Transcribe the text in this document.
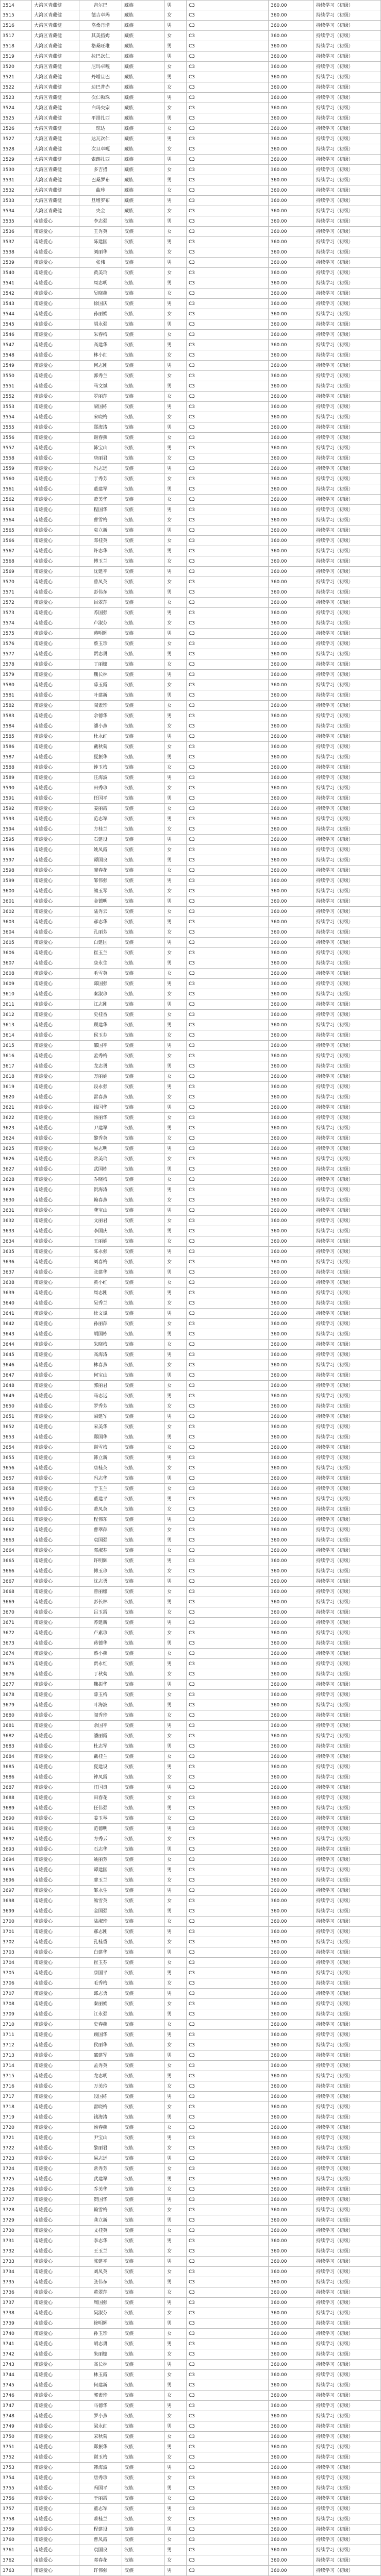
3514	大湾区青藏健	吉尔巴	藏族	男	C3	360.00	持续学习（初级）
3515	大湾区青藏健	德吉卓玛	藏族	女	C3	360.00	持续学习（初级）
3516	大湾区青藏健	洛桑丹增	藏族	男	C3	360.00	持续学习（初级）
3517	大湾区青藏健	其美措姆	藏族	女	C3	360.00	持续学习（初级）
3518	大湾区青藏健	格桑旺堆	藏族	男	C3	360.00	持续学习（初级）
3519	大湾区青藏健	拉巴次仁	藏族	男	C3	360.00	持续学习（初级）
3520	大湾区青藏健	尼玛卓嘎	藏族	女	C3	360.00	持续学习（初级）
3521	大湾区青藏健	丹增旦巴	藏族	男	C3	360.00	持续学习（初级）
3522	大湾区青藏健	边巴普赤	藏族	女	C3	360.00	持续学习（初级）
3523	大湾区青藏健	次仁顿珠	藏族	男	C3	360.00	持续学习（初级）
3524	大湾区青藏健	白玛央宗	藏族	女	C3	360.00	持续学习（初级）
3525	大湾区青藏健	平措扎西	藏族	男	C3	360.00	持续学习（初级）
3526	大湾区青藏健	琼达	藏族	女	C3	360.00	持续学习（初级）
3527	大湾区青藏健	达瓦次仁	藏族	男	C3	360.00	持续学习（初级）
3528	大湾区青藏健	次旦卓嘎	藏族	女	C3	360.00	持续学习（初级）
3529	大湾区青藏健	索朗扎西	藏族	男	C3	360.00	持续学习（初级）
3530	大湾区青藏健	多吉措	藏族	女	C3	360.00	持续学习（初级）
3531	大湾区青藏健	巴桑罗布	藏族	男	C3	360.00	持续学习（初级）
3532	大湾区青藏健	曲珍	藏族	女	C3	360.00	持续学习（初级）
3533	大湾区青藏健	旦增罗布	藏族	男	C3	360.00	持续学习（初级）
3534	大湾区青藏健	央金	藏族	女	C3	360.00	持续学习（初级）
3535	南雄爱心	李志强	汉族	男	C3	360.00	持续学习（初级）
3536	南雄爱心	王秀英	汉族	女	C3	360.00	持续学习（初级）
3537	南雄爱心	陈建国	汉族	男	C3	360.00	持续学习（初级）
3538	南雄爱心	刘丽华	汉族	女	C3	360.00	持续学习（初级）
3539	南雄爱心	张伟	汉族	男	C3	360.00	持续学习（初级）
3540	南雄爱心	黄美玲	汉族	女	C3	360.00	持续学习（初级）
3541	南雄爱心	周志明	汉族	男	C3	360.00	持续学习（初级）
3542	南雄爱心	吴晓燕	汉族	女	C3	360.00	持续学习（初级）
3543	南雄爱心	徐国庆	汉族	男	C3	360.00	持续学习（初级）
3544	南雄爱心	孙丽娟	汉族	女	C3	360.00	持续学习（初级）
3545	南雄爱心	胡永强	汉族	男	C3	360.00	持续学习（初级）
3546	南雄爱心	朱春梅	汉族	女	C3	360.00	持续学习（初级）
3547	南雄爱心	高建华	汉族	男	C3	360.00	持续学习（初级）
3548	南雄爱心	林小红	汉族	女	C3	360.00	持续学习（初级）
3549	南雄爱心	何志刚	汉族	男	C3	360.00	持续学习（初级）
3550	南雄爱心	郭秀兰	汉族	女	C3	360.00	持续学习（初级）
3551	南雄爱心	马文斌	汉族	男	C3	360.00	持续学习（初级）
3552	南雄爱心	罗丽萍	汉族	女	C3	360.00	持续学习（初级）
3553	南雄爱心	梁国栋	汉族	男	C3	360.00	持续学习（初级）
3554	南雄爱心	宋晓梅	汉族	女	C3	360.00	持续学习（初级）
3555	南雄爱心	郑海涛	汉族	男	C3	360.00	持续学习（初级）
3556	南雄爱心	谢春燕	汉族	女	C3	360.00	持续学习（初级）
3557	南雄爱心	韩宝山	汉族	男	C3	360.00	持续学习（初级）
3558	南雄爱心	唐丽君	汉族	女	C3	360.00	持续学习（初级）
3559	南雄爱心	冯志远	汉族	男	C3	360.00	持续学习（初级）
3560	南雄爱心	于秀芳	汉族	女	C3	360.00	持续学习（初级）
3561	南雄爱心	董建军	汉族	男	C3	360.00	持续学习（初级）
3562	南雄爱心	萧美华	汉族	女	C3	360.00	持续学习（初级）
3563	南雄爱心	程国华	汉族	男	C3	360.00	持续学习（初级）
3564	南雄爱心	曹雪梅	汉族	女	C3	360.00	持续学习（初级）
3565	南雄爱心	袁立新	汉族	男	C3	360.00	持续学习（初级）
3566	南雄爱心	邓桂英	汉族	女	C3	360.00	持续学习（初级）
3567	南雄爱心	许志华	汉族	男	C3	360.00	持续学习（初级）
3568	南雄爱心	傅玉兰	汉族	女	C3	360.00	持续学习（初级）
3569	南雄爱心	沈建平	汉族	男	C3	360.00	持续学习（初级）
3570	南雄爱心	曾凤英	汉族	女	C3	360.00	持续学习（初级）
3571	南雄爱心	彭伟东	汉族	男	C3	360.00	持续学习（初级）
3572	南雄爱心	吕翠萍	汉族	女	C3	360.00	持续学习（初级）
3573	南雄爱心	苏国强	汉族	男	C3	360.00	持续学习（初级）
3574	南雄爱心	卢淑芬	汉族	女	C3	360.00	持续学习（初级）
3575	南雄爱心	蒋明辉	汉族	男	C3	360.00	持续学习（初级）
3576	南雄爱心	蔡玉珍	汉族	女	C3	360.00	持续学习（初级）
3577	南雄爱心	贾志勇	汉族	男	C3	360.00	持续学习（初级）
3578	南雄爱心	丁丽娜	汉族	女	C3	360.00	持续学习（初级）
3579	南雄爱心	魏长林	汉族	男	C3	360.00	持续学习（初级）
3580	南雄爱心	薛玉霞	汉族	女	C3	360.00	持续学习（初级）
3581	南雄爱心	叶建新	汉族	男	C3	360.00	持续学习（初级）
3582	南雄爱心	阎素珍	汉族	女	C3	360.00	持续学习（初级）
3583	南雄爱心	余德华	汉族	男	C3	360.00	持续学习（初级）
3584	南雄爱心	潘小燕	汉族	女	C3	360.00	持续学习（初级）
3585	南雄爱心	杜永红	汉族	男	C3	360.00	持续学习（初级）
3586	南雄爱心	戴秋菊	汉族	女	C3	360.00	持续学习（初级）
3587	南雄爱心	夏振华	汉族	男	C3	360.00	持续学习（初级）
3588	南雄爱心	钟玉梅	汉族	女	C3	360.00	持续学习（初级）
3589	南雄爱心	汪海波	汉族	男	C3	360.00	持续学习（初级）
3590	南雄爱心	田秀珍	汉族	女	C3	360.00	持续学习（初级）
3591	南雄爱心	任国平	汉族	男	C3	360.00	持续学习（初级）
3592	南雄爱心	姜丽霞	汉族	女	C3	360.00	持续学习（初级）
3593	南雄爱心	范志军	汉族	男	C3	360.00	持续学习（初级）
3594	南雄爱心	方桂兰	汉族	女	C3	360.00	持续学习（初级）
3595	南雄爱心	石建设	汉族	男	C3	360.00	持续学习（初级）
3596	南雄爱心	姚凤霞	汉族	女	C3	360.00	持续学习（初级）
3597	南雄爱心	谭国良	汉族	男	C3	360.00	持续学习（初级）
3598	南雄爱心	廖春花	汉族	女	C3	360.00	持续学习（初级）
3599	南雄爱心	邹伟强	汉族	男	C3	360.00	持续学习（初级）
3600	南雄爱心	熊玉琴	汉族	女	C3	360.00	持续学习（初级）
3601	南雄爱心	金德明	汉族	男	C3	360.00	持续学习（初级）
3602	南雄爱心	陆秀云	汉族	女	C3	360.00	持续学习（初级）
3603	南雄爱心	郝志华	汉族	男	C3	360.00	持续学习（初级）
3604	南雄爱心	孔丽芳	汉族	女	C3	360.00	持续学习（初级）
3605	南雄爱心	白建国	汉族	男	C3	360.00	持续学习（初级）
3606	南雄爱心	崔玉兰	汉族	女	C3	360.00	持续学习（初级）
3607	南雄爱心	康永生	汉族	男	C3	360.00	持续学习（初级）
3608	南雄爱心	毛雪英	汉族	女	C3	360.00	持续学习（初级）
3609	南雄爱心	邱国强	汉族	男	C3	360.00	持续学习（初级）
3610	南雄爱心	秦淑珍	汉族	女	C3	360.00	持续学习（初级）
3611	南雄爱心	江志刚	汉族	男	C3	360.00	持续学习（初级）
3612	南雄爱心	史桂香	汉族	女	C3	360.00	持续学习（初级）
3613	南雄爱心	顾建华	汉族	男	C3	360.00	持续学习（初级）
3614	南雄爱心	侯玉芬	汉族	女	C3	360.00	持续学习（初级）
3615	南雄爱心	邵国平	汉族	男	C3	360.00	持续学习（初级）
3616	南雄爱心	孟秀梅	汉族	女	C3	360.00	持续学习（初级）
3617	南雄爱心	龙志勇	汉族	男	C3	360.00	持续学习（初级）
3618	南雄爱心	万丽娟	汉族	女	C3	360.00	持续学习（初级）
3619	南雄爱心	段永强	汉族	男	C3	360.00	持续学习（初级）
3620	南雄爱心	雷春燕	汉族	女	C3	360.00	持续学习（初级）
3621	南雄爱心	钱国华	汉族	男	C3	360.00	持续学习（初级）
3622	南雄爱心	汤丽华	汉族	女	C3	360.00	持续学习（初级）
3623	南雄爱心	尹建军	汉族	男	C3	360.00	持续学习（初级）
3624	南雄爱心	黎秀英	汉族	女	C3	360.00	持续学习（初级）
3625	南雄爱心	易志明	汉族	男	C3	360.00	持续学习（初级）
3626	南雄爱心	常美玲	汉族	女	C3	360.00	持续学习（初级）
3627	南雄爱心	武国栋	汉族	男	C3	360.00	持续学习（初级）
3628	南雄爱心	乔晓梅	汉族	女	C3	360.00	持续学习（初级）
3629	南雄爱心	贺海涛	汉族	男	C3	360.00	持续学习（初级）
3630	南雄爱心	赖春燕	汉族	女	C3	360.00	持续学习（初级）
3631	南雄爱心	龚宝山	汉族	男	C3	360.00	持续学习（初级）
3632	南雄爱心	文丽君	汉族	女	C3	360.00	持续学习（初级）
3633	南雄爱心	李国庆	汉族	男	C3	360.00	持续学习（初级）
3634	南雄爱心	王丽娟	汉族	女	C3	360.00	持续学习（初级）
3635	南雄爱心	陈永强	汉族	男	C3	360.00	持续学习（初级）
3636	南雄爱心	刘春梅	汉族	女	C3	360.00	持续学习（初级）
3637	南雄爱心	张建华	汉族	男	C3	360.00	持续学习（初级）
3638	南雄爱心	黄小红	汉族	女	C3	360.00	持续学习（初级）
3639	南雄爱心	周志刚	汉族	男	C3	360.00	持续学习（初级）
3640	南雄爱心	吴秀兰	汉族	女	C3	360.00	持续学习（初级）
3641	南雄爱心	徐文斌	汉族	男	C3	360.00	持续学习（初级）
3642	南雄爱心	孙丽萍	汉族	女	C3	360.00	持续学习（初级）
3643	南雄爱心	胡国栋	汉族	男	C3	360.00	持续学习（初级）
3644	南雄爱心	朱晓梅	汉族	女	C3	360.00	持续学习（初级）
3645	南雄爱心	高海涛	汉族	男	C3	360.00	持续学习（初级）
3646	南雄爱心	林春燕	汉族	女	C3	360.00	持续学习（初级）
3647	南雄爱心	何宝山	汉族	男	C3	360.00	持续学习（初级）
3648	南雄爱心	郭丽君	汉族	女	C3	360.00	持续学习（初级）
3649	南雄爱心	马志远	汉族	男	C3	360.00	持续学习（初级）
3650	南雄爱心	罗秀芳	汉族	女	C3	360.00	持续学习（初级）
3651	南雄爱心	梁建军	汉族	男	C3	360.00	持续学习（初级）
3652	南雄爱心	宋美华	汉族	女	C3	360.00	持续学习（初级）
3653	南雄爱心	郑国华	汉族	男	C3	360.00	持续学习（初级）
3654	南雄爱心	谢雪梅	汉族	女	C3	360.00	持续学习（初级）
3655	南雄爱心	韩立新	汉族	男	C3	360.00	持续学习（初级）
3656	南雄爱心	唐桂英	汉族	女	C3	360.00	持续学习（初级）
3657	南雄爱心	冯志华	汉族	男	C3	360.00	持续学习（初级）
3658	南雄爱心	于玉兰	汉族	女	C3	360.00	持续学习（初级）
3659	南雄爱心	董建平	汉族	男	C3	360.00	持续学习（初级）
3660	南雄爱心	萧凤英	汉族	女	C3	360.00	持续学习（初级）
3661	南雄爱心	程伟东	汉族	男	C3	360.00	持续学习（初级）
3662	南雄爱心	曹翠萍	汉族	女	C3	360.00	持续学习（初级）
3663	南雄爱心	袁国强	汉族	男	C3	360.00	持续学习（初级）
3664	南雄爱心	邓淑芬	汉族	女	C3	360.00	持续学习（初级）
3665	南雄爱心	许明辉	汉族	男	C3	360.00	持续学习（初级）
3666	南雄爱心	傅玉珍	汉族	女	C3	360.00	持续学习（初级）
3667	南雄爱心	沈志勇	汉族	男	C3	360.00	持续学习（初级）
3668	南雄爱心	曾丽娜	汉族	女	C3	360.00	持续学习（初级）
3669	南雄爱心	彭长林	汉族	男	C3	360.00	持续学习（初级）
3670	南雄爱心	吕玉霞	汉族	女	C3	360.00	持续学习（初级）
3671	南雄爱心	苏建新	汉族	男	C3	360.00	持续学习（初级）
3672	南雄爱心	卢素珍	汉族	女	C3	360.00	持续学习（初级）
3673	南雄爱心	蒋德华	汉族	男	C3	360.00	持续学习（初级）
3674	南雄爱心	蔡小燕	汉族	女	C3	360.00	持续学习（初级）
3675	南雄爱心	贾永红	汉族	男	C3	360.00	持续学习（初级）
3676	南雄爱心	丁秋菊	汉族	女	C3	360.00	持续学习（初级）
3677	南雄爱心	魏振华	汉族	男	C3	360.00	持续学习（初级）
3678	南雄爱心	薛玉梅	汉族	女	C3	360.00	持续学习（初级）
3679	南雄爱心	叶海波	汉族	男	C3	360.00	持续学习（初级）
3680	南雄爱心	阎秀珍	汉族	女	C3	360.00	持续学习（初级）
3681	南雄爱心	余国平	汉族	男	C3	360.00	持续学习（初级）
3682	南雄爱心	潘丽霞	汉族	女	C3	360.00	持续学习（初级）
3683	南雄爱心	杜志军	汉族	男	C3	360.00	持续学习（初级）
3684	南雄爱心	戴桂兰	汉族	女	C3	360.00	持续学习（初级）
3685	南雄爱心	夏建设	汉族	男	C3	360.00	持续学习（初级）
3686	南雄爱心	钟凤霞	汉族	女	C3	360.00	持续学习（初级）
3687	南雄爱心	汪国良	汉族	男	C3	360.00	持续学习（初级）
3688	南雄爱心	田春花	汉族	女	C3	360.00	持续学习（初级）
3689	南雄爱心	任伟强	汉族	男	C3	360.00	持续学习（初级）
3690	南雄爱心	姜玉琴	汉族	女	C3	360.00	持续学习（初级）
3691	南雄爱心	范德明	汉族	男	C3	360.00	持续学习（初级）
3692	南雄爱心	方秀云	汉族	女	C3	360.00	持续学习（初级）
3693	南雄爱心	石志华	汉族	男	C3	360.00	持续学习（初级）
3694	南雄爱心	姚丽芳	汉族	女	C3	360.00	持续学习（初级）
3695	南雄爱心	谭建国	汉族	男	C3	360.00	持续学习（初级）
3696	南雄爱心	廖玉兰	汉族	女	C3	360.00	持续学习（初级）
3697	南雄爱心	邹永生	汉族	男	C3	360.00	持续学习（初级）
3698	南雄爱心	熊雪英	汉族	女	C3	360.00	持续学习（初级）
3699	南雄爱心	金国强	汉族	男	C3	360.00	持续学习（初级）
3700	南雄爱心	陆淑珍	汉族	女	C3	360.00	持续学习（初级）
3701	南雄爱心	郝志刚	汉族	男	C3	360.00	持续学习（初级）
3702	南雄爱心	孔桂香	汉族	女	C3	360.00	持续学习（初级）
3703	南雄爱心	白建华	汉族	男	C3	360.00	持续学习（初级）
3704	南雄爱心	崔玉芬	汉族	女	C3	360.00	持续学习（初级）
3705	南雄爱心	康国平	汉族	男	C3	360.00	持续学习（初级）
3706	南雄爱心	毛秀梅	汉族	女	C3	360.00	持续学习（初级）
3707	南雄爱心	邱志勇	汉族	男	C3	360.00	持续学习（初级）
3708	南雄爱心	秦丽娟	汉族	女	C3	360.00	持续学习（初级）
3709	南雄爱心	江永强	汉族	男	C3	360.00	持续学习（初级）
3710	南雄爱心	史春燕	汉族	女	C3	360.00	持续学习（初级）
3711	南雄爱心	顾国华	汉族	男	C3	360.00	持续学习（初级）
3712	南雄爱心	侯丽华	汉族	女	C3	360.00	持续学习（初级）
3713	南雄爱心	邵建军	汉族	男	C3	360.00	持续学习（初级）
3714	南雄爱心	孟秀英	汉族	女	C3	360.00	持续学习（初级）
3715	南雄爱心	龙志明	汉族	男	C3	360.00	持续学习（初级）
3716	南雄爱心	万美玲	汉族	女	C3	360.00	持续学习（初级）
3717	南雄爱心	段国栋	汉族	男	C3	360.00	持续学习（初级）
3718	南雄爱心	雷晓梅	汉族	女	C3	360.00	持续学习（初级）
3719	南雄爱心	钱海涛	汉族	男	C3	360.00	持续学习（初级）
3720	南雄爱心	汤春燕	汉族	女	C3	360.00	持续学习（初级）
3721	南雄爱心	尹宝山	汉族	男	C3	360.00	持续学习（初级）
3722	南雄爱心	黎丽君	汉族	女	C3	360.00	持续学习（初级）
3723	南雄爱心	易志远	汉族	男	C3	360.00	持续学习（初级）
3724	南雄爱心	常秀芳	汉族	女	C3	360.00	持续学习（初级）
3725	南雄爱心	武建军	汉族	男	C3	360.00	持续学习（初级）
3726	南雄爱心	乔美华	汉族	女	C3	360.00	持续学习（初级）
3727	南雄爱心	贺国华	汉族	男	C3	360.00	持续学习（初级）
3728	南雄爱心	赖雪梅	汉族	女	C3	360.00	持续学习（初级）
3729	南雄爱心	龚立新	汉族	男	C3	360.00	持续学习（初级）
3730	南雄爱心	文桂英	汉族	女	C3	360.00	持续学习（初级）
3731	南雄爱心	李志华	汉族	男	C3	360.00	持续学习（初级）
3732	南雄爱心	王玉兰	汉族	女	C3	360.00	持续学习（初级）
3733	南雄爱心	陈建平	汉族	男	C3	360.00	持续学习（初级）
3734	南雄爱心	刘凤英	汉族	女	C3	360.00	持续学习（初级）
3735	南雄爱心	张伟东	汉族	男	C3	360.00	持续学习（初级）
3736	南雄爱心	黄翠萍	汉族	女	C3	360.00	持续学习（初级）
3737	南雄爱心	周国强	汉族	男	C3	360.00	持续学习（初级）
3738	南雄爱心	吴淑芬	汉族	女	C3	360.00	持续学习（初级）
3739	南雄爱心	徐明辉	汉族	男	C3	360.00	持续学习（初级）
3740	南雄爱心	孙玉珍	汉族	女	C3	360.00	持续学习（初级）
3741	南雄爱心	胡志勇	汉族	男	C3	360.00	持续学习（初级）
3742	南雄爱心	朱丽娜	汉族	女	C3	360.00	持续学习（初级）
3743	南雄爱心	高长林	汉族	男	C3	360.00	持续学习（初级）
3744	南雄爱心	林玉霞	汉族	女	C3	360.00	持续学习（初级）
3745	南雄爱心	何建新	汉族	男	C3	360.00	持续学习（初级）
3746	南雄爱心	郭素珍	汉族	女	C3	360.00	持续学习（初级）
3747	南雄爱心	马德华	汉族	男	C3	360.00	持续学习（初级）
3748	南雄爱心	罗小燕	汉族	女	C3	360.00	持续学习（初级）
3749	南雄爱心	梁永红	汉族	男	C3	360.00	持续学习（初级）
3750	南雄爱心	宋秋菊	汉族	女	C3	360.00	持续学习（初级）
3751	南雄爱心	郑振华	汉族	男	C3	360.00	持续学习（初级）
3752	南雄爱心	谢玉梅	汉族	女	C3	360.00	持续学习（初级）
3753	南雄爱心	韩海波	汉族	男	C3	360.00	持续学习（初级）
3754	南雄爱心	唐秀珍	汉族	女	C3	360.00	持续学习（初级）
3755	南雄爱心	冯国平	汉族	男	C3	360.00	持续学习（初级）
3756	南雄爱心	于丽霞	汉族	女	C3	360.00	持续学习（初级）
3757	南雄爱心	董志军	汉族	男	C3	360.00	持续学习（初级）
3758	南雄爱心	萧桂兰	汉族	女	C3	360.00	持续学习（初级）
3759	南雄爱心	程建设	汉族	男	C3	360.00	持续学习（初级）
3760	南雄爱心	曹凤霞	汉族	女	C3	360.00	持续学习（初级）
3761	南雄爱心	袁国良	汉族	男	C3	360.00	持续学习（初级）
3762	南雄爱心	邓春花	汉族	女	C3	360.00	持续学习（初级）
3763	南雄爱心	许伟强	汉族	男	C3	360.00	持续学习（初级）
